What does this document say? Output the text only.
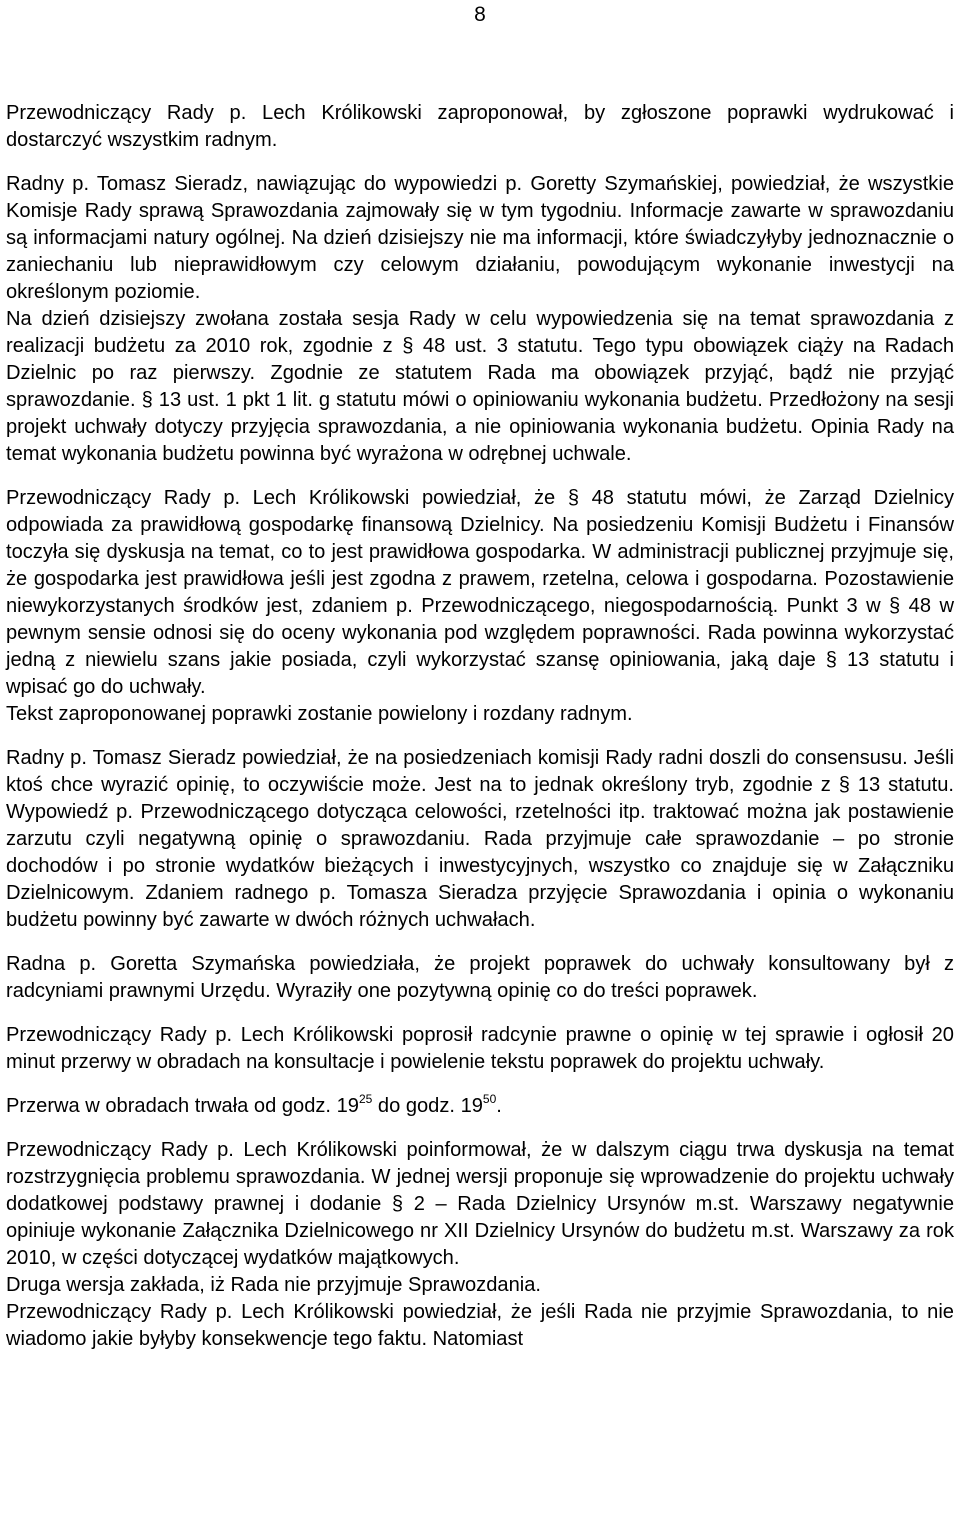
8

Przewodniczący Rady p. Lech Królikowski zaproponował, by zgłoszone poprawki wydrukować i dostarczyć wszystkim radnym.

Radny p. Tomasz Sieradz, nawiązując do wypowiedzi p. Goretty Szymańskiej, powiedział, że wszystkie Komisje Rady sprawą Sprawozdania zajmowały się w tym tygodniu. Informacje zawarte w sprawozdaniu są informacjami natury ogólnej. Na dzień dzisiejszy nie ma informacji, które świadczyłyby jednoznacznie o zaniechaniu lub nieprawidłowym czy celowym działaniu, powodującym wykonanie inwestycji na określonym poziomie.

Na dzień dzisiejszy zwołana została sesja Rady w celu wypowiedzenia się na temat sprawozdania z realizacji budżetu za 2010 rok, zgodnie z § 48 ust. 3 statutu. Tego typu obowiązek ciąży na Radach Dzielnic po raz pierwszy. Zgodnie ze statutem Rada ma obowiązek przyjąć, bądź nie przyjąć sprawozdanie. § 13 ust. 1 pkt 1 lit. g statutu mówi o opiniowaniu wykonania budżetu. Przedłożony na sesji projekt uchwały dotyczy przyjęcia sprawozdania, a nie opiniowania wykonania budżetu. Opinia Rady na temat wykonania budżetu powinna być wyrażona w odrębnej uchwale.

Przewodniczący Rady p. Lech Królikowski powiedział, że § 48 statutu mówi, że Zarząd Dzielnicy odpowiada za prawidłową gospodarkę finansową Dzielnicy. Na posiedzeniu Komisji Budżetu i Finansów toczyła się dyskusja na temat, co to jest prawidłowa gospodarka. W administracji publicznej przyjmuje się, że gospodarka jest prawidłowa jeśli jest zgodna z prawem, rzetelna, celowa i gospodarna. Pozostawienie niewykorzystanych środków jest, zdaniem p. Przewodniczącego, niegospodarnością. Punkt 3 w § 48 w pewnym sensie odnosi się do oceny wykonania pod względem poprawności. Rada powinna wykorzystać jedną z niewielu szans jakie posiada, czyli wykorzystać szansę opiniowania, jaką daje § 13 statutu i wpisać go do uchwały.

Tekst zaproponowanej poprawki zostanie powielony i rozdany radnym.

Radny p. Tomasz Sieradz powiedział, że na posiedzeniach komisji Rady radni doszli do consensusu. Jeśli ktoś chce wyrazić opinię, to oczywiście może. Jest na to jednak określony tryb, zgodnie z § 13 statutu. Wypowiedź p. Przewodniczącego dotycząca celowości, rzetelności itp. traktować można jak postawienie zarzutu czyli negatywną opinię o sprawozdaniu. Rada przyjmuje całe sprawozdanie – po stronie dochodów i po stronie wydatków bieżących i inwestycyjnych, wszystko co znajduje się w Załączniku Dzielnicowym. Zdaniem radnego p. Tomasza Sieradza przyjęcie Sprawozdania i opinia o wykonaniu budżetu powinny być zawarte w dwóch różnych uchwałach.

Radna p. Goretta Szymańska powiedziała, że projekt poprawek do uchwały konsultowany był z radcyniami prawnymi Urzędu. Wyraziły one pozytywną opinię co do treści poprawek.

Przewodniczący Rady p. Lech Królikowski poprosił radcynie prawne o opinię w tej sprawie i ogłosił 20 minut przerwy w obradach na konsultacje i powielenie tekstu poprawek do projektu uchwały.

Przerwa w obradach trwała od godz. $19^{25}$ do godz. $19^{50}$.

Przewodniczący Rady p. Lech Królikowski poinformował, że w dalszym ciągu trwa dyskusja na temat rozstrzygnięcia problemu sprawozdania. W jednej wersji proponuje się wprowadzenie do projektu uchwały dodatkowej podstawy prawnej i dodanie § 2 – Rada Dzielnicy Ursynów m.st. Warszawy negatywnie opiniuje wykonanie Załącznika Dzielnicowego nr XII Dzielnicy Ursynów do budżetu m.st. Warszawy za rok 2010, w części dotyczącej wydatków majątkowych.

Druga wersja zakłada, iż Rada nie przyjmuje Sprawozdania.

Przewodniczący Rady p. Lech Królikowski powiedział, że jeśli Rada nie przyjmie Sprawozdania, to nie wiadomo jakie byłyby konsekwencje tego faktu. Natomiast
